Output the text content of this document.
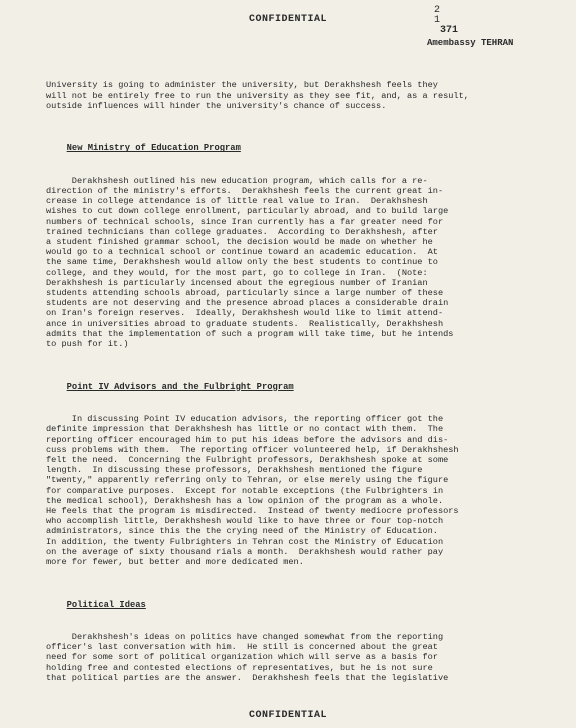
CONFIDENTIAL
2
1
371
Amembassy TEHRAN

University is going to administer the university, but Derakhshesh feels they
will not be entirely free to run the university as they see fit, and, as a result,
outside influences will hinder the university's chance of success.

New Ministry of Education Program

Derakhshesh outlined his new education program, which calls for a re-
direction of the ministry's efforts.  Derakhshesh feels the current great in-
crease in college attendance is of little real value to Iran.  Derakhshesh
wishes to cut down college enrollment, particularly abroad, and to build large
numbers of technical schools, since Iran currently has a far greater need for
trained technicians than college graduates.  According to Derakhshesh, after
a student finished grammar school, the decision would be made on whether he
would go to a technical school or continue toward an academic education.  At
the same time, Derakhshesh would allow only the best students to continue to
college, and they would, for the most part, go to college in Iran.  (Note:
Derakhshesh is particularly incensed about the egregious number of Iranian
students attending schools abroad, particularly since a large number of these
students are not deserving and the presence abroad places a considerable drain
on Iran's foreign reserves.  Ideally, Derakhshesh would like to limit attend-
ance in universities abroad to graduate students.  Realistically, Derakhshesh
admits that the implementation of such a program will take time, but he intends
to push for it.)

Point IV Advisors and the Fulbright Program

In discussing Point IV education advisors, the reporting officer got the
definite impression that Derakhshesh has little or no contact with them.  The
reporting officer encouraged him to put his ideas before the advisors and dis-
cuss problems with them.  The reporting officer volunteered help, if Derakhshesh
felt the need.  Concerning the Fulbright professors, Derakhshesh spoke at some
length.  In discussing these professors, Derakhshesh mentioned the figure
"twenty," apparently referring only to Tehran, or else merely using the figure
for comparative purposes.  Except for notable exceptions (the Fulbrighters in
the medical school), Derakhshesh has a low opinion of the program as a whole.
He feels that the program is misdirected.  Instead of twenty mediocre professors
who accomplish little, Derakhshesh would like to have three or four top-notch
administrators, since this the the crying need of the Ministry of Education.
In addition, the twenty Fulbrighters in Tehran cost the Ministry of Education
on the average of sixty thousand rials a month.  Derakhshesh would rather pay
more for fewer, but better and more dedicated men.

Political Ideas

Derakhshesh's ideas on politics have changed somewhat from the reporting
officer's last conversation with him.  He still is concerned about the great
need for some sort of political organization which will serve as a basis for
holding free and contested elections of representatives, but he is not sure
that political parties are the answer.  Derakhshesh feels that the legislative

CONFIDENTIAL
